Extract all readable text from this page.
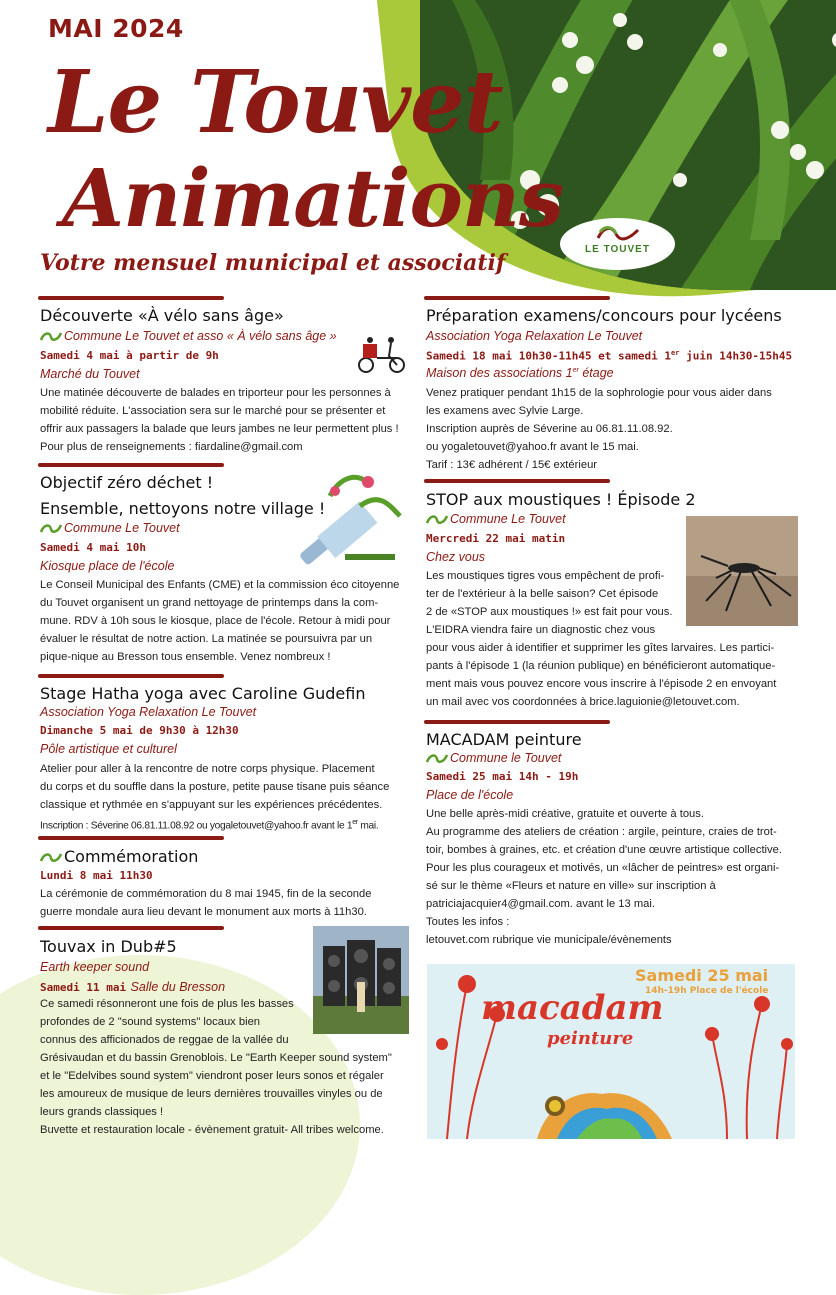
LE TOUVET
MAI 2024
Le Touvet
Animations
Votre mensuel municipal et associatif
Découverte «À vélo sans âge»
Commune Le Touvet et asso « À vélo sans âge »
Samedi 4 mai à partir de 9h
Marché du Touvet
Une matinée découverte de balades en triporteur pour les personnes à
mobilité réduite. L'association sera sur le marché pour se présenter et
offrir aux passagers la balade que leurs jambes ne leur permettent plus !
Pour plus de renseignements : fiardaline@gmail.com
Objectif zéro déchet !
Ensemble, nettoyons notre village !
Commune Le Touvet
Samedi 4 mai 10h
Kiosque place de l'école
Le Conseil Municipal des Enfants (CME) et la commission éco citoyenne
du Touvet organisent un grand nettoyage de printemps dans la com-
mune. RDV à 10h sous le kiosque, place de l'école. Retour à midi pour
évaluer le résultat de notre action. La matinée se poursuivra par un
pique-nique au Bresson tous ensemble. Venez nombreux !
Stage Hatha yoga avec Caroline Gudefin
Association Yoga Relaxation Le Touvet
Dimanche 5 mai de 9h30 à 12h30
Pôle artistique et culturel
Atelier pour aller à la rencontre de notre corps physique. Placement
du corps et du souffle dans la posture, petite pause tisane puis séance
classique et rythmée en s'appuyant sur les expériences précédentes.
Inscription : Séverine 06.81.11.08.92 ou yogaletouvet@yahoo.fr avant le 1er mai.
Commémoration
Lundi 8 mai 11h30
La cérémonie de commémoration du 8 mai 1945, fin de la seconde
guerre mondale aura lieu devant le monument aux morts à 11h30.
Touvax in Dub#5
Earth keeper sound
Samedi 11 mai Salle du Bresson
Ce samedi résonneront une fois de plus les basses
profondes de 2 "sound systems" locaux bien
connus des afficionados de reggae de la vallée du
Grésivaudan et du bassin Grenoblois. Le "Earth Keeper sound system"
et le "Edelvibes sound system" viendront poser leurs sonos et régaler
les amoureux de musique de leurs dernières trouvailles vinyles ou de
leurs grands classiques !
Buvette et restauration locale - évènement gratuit- All tribes welcome.
Préparation examens/concours pour lycéens
Association Yoga Relaxation Le Touvet
Samedi 18 mai 10h30-11h45 et samedi 1er juin 14h30-15h45
Maison des associations 1er étage
Venez pratiquer pendant 1h15 de la sophrologie pour vous aider dans
les examens avec Sylvie Large.
Inscription auprès de Séverine au 06.81.11.08.92.
ou yogaletouvet@yahoo.fr avant le 15 mai.
Tarif : 13€ adhérent / 15€ extérieur
STOP aux moustiques ! Épisode 2
Commune Le Touvet
Mercredi 22 mai matin
Chez vous
Les moustiques tigres vous empêchent de profi-
ter de l'extérieur à la belle saison? Cet épisode
2 de «STOP aux moustiques !» est fait pour vous.
L'EIDRA viendra faire un diagnostic chez vous
pour vous aider à identifier et supprimer les gîtes larvaires. Les partici-
pants à l'épisode 1 (la réunion publique) en bénéficieront automatique-
ment mais vous pouvez encore vous inscrire à l'épisode 2 en envoyant
un mail avec vos coordonnées à brice.laguionie@letouvet.com.
MACADAM peinture
Commune le Touvet
Samedi 25 mai 14h - 19h
Place de l'école
Une belle après-midi créative, gratuite et ouverte à tous.
Au programme des ateliers de création : argile, peinture, craies de trot-
toir, bombes à graines, etc. et création d'une œuvre artistique collective.
Pour les plus courageux et motivés, un «lâcher de peintres» est organi-
sé sur le thème «Fleurs et nature en ville» sur inscription à
patriciajacquier4@gmail.com. avant le 13 mai.
Toutes les infos :
letouvet.com rubrique vie municipale/évènements
Samedi 25 mai
14h-19h Place de l'école
macadam
peinture
